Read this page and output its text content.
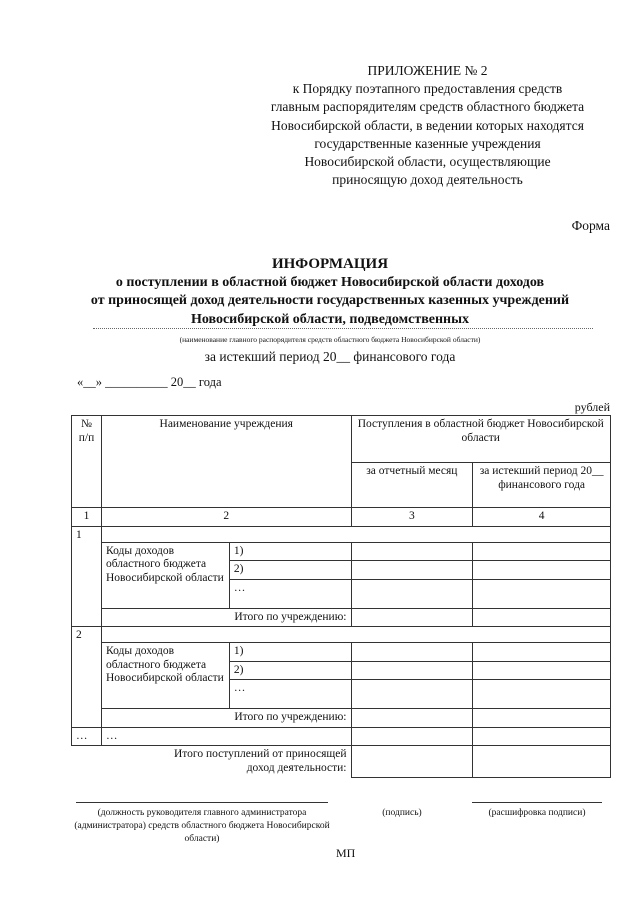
ПРИЛОЖЕНИЕ № 2
к Порядку поэтапного предоставления средств
главным распорядителям средств областного бюджета
Новосибирской области, в ведении которых находятся
государственные казенные учреждения
Новосибирской области, осуществляющие
приносящую доход деятельность
Форма
ИНФОРМАЦИЯ
о поступлении в областной бюджет Новосибирской области доходов
от приносящей доход деятельности государственных казенных учреждений
Новосибирской области, подведомственных
(наименование главного распорядителя средств областного бюджета Новосибирской области)
за истекший период 20__ финансового года
«__» __________ 20__ года
рублей
№ п/п	Наименование учреждения		Поступления в областной бюджет Новосибирской области	
			за отчетный месяц	за истекший период 20__ финансового года
1	2		3	4
1				
	Коды доходов областного бюджета Новосибирской области	1)		
		2)		
		…		
	Итого по учреждению:			
2				
	Коды доходов областного бюджета Новосибирской области	1)		
		2)		
		…		
	Итого по учреждению:			
…	…			
Итого поступлений от приносящей доход деятельности:				
(должность руководителя главного администратора (администратора) средств областного бюджета Новосибирской области)
(подпись)	(расшифровка подписи)
МП
